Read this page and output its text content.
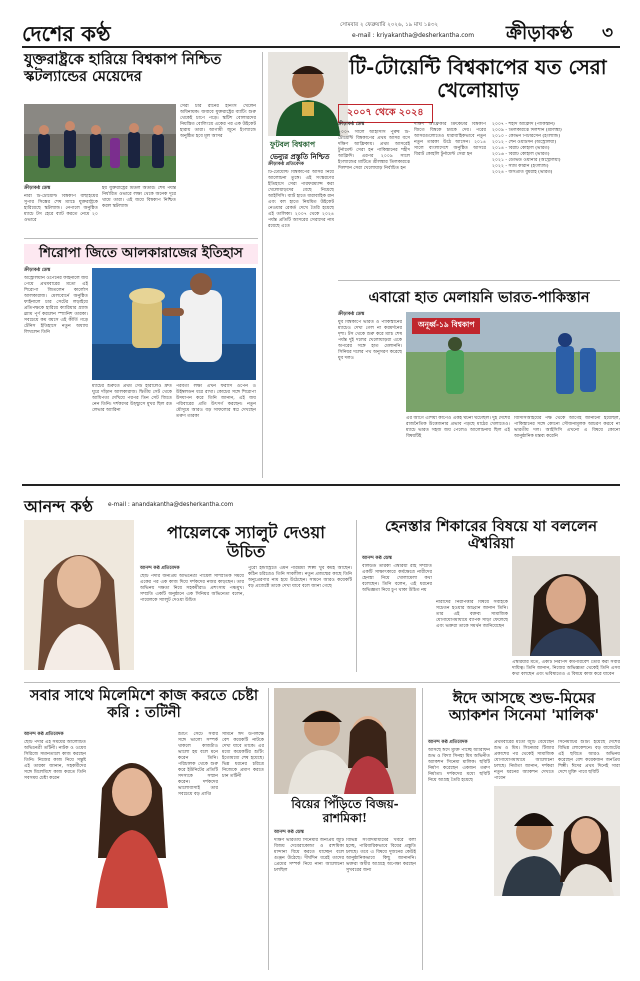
দেশের কণ্ঠ	সোমবার ২ ফেব্রুয়ারি ২০২৬, ১৯ মাঘ ১৪৩২
e-mail : kriyakantha@desherkantha.com ক্রীড়াকণ্ঠ ৩
যুক্তরাষ্ট্রকে হারিয়ে বিশ্বকাপ নিশ্চিত স্কটল্যান্ডের মেয়েদের
সেরা চার রানের ইনিংস খেলেন অধিনায়ক। জবাবে যুক্তরাষ্ট্রের ব্যাটিং শুরু থেকেই চাপে পড়ে। স্কটিশ বোলারদের নিয়ন্ত্রিত বোলিংয়ে একের পর এক উইকেট হারায় তারা। আগামী জুনে ইংল্যান্ডে অনুষ্ঠিত হবে মূল আসর
ক্রীড়াকণ্ঠ ডেস্ক
নারী টি-টোয়েন্টি বিশ্বকাপ বাছাইয়ের সুপার সিক্সের শেষ ম্যাচে যুক্তরাষ্ট্রকে হারিয়েছে স্কটল্যান্ড। নেপালে অনুষ্ঠিত ম্যাচে টস হেরে ব্যাট করতে নেমে ২০ ওভারে
হয় যুক্তরাষ্ট্রের মিডল অর্ডার। শেষ পর্যন্ত নির্ধারিত ওভারে লক্ষ্য থেকে অনেক দূরে থামে তারা। এই জয়ে বিশ্বকাপ নিশ্চিত করল স্কটল্যান্ড
শিরোপা জিতে আলকারাজের ইতিহাস
ক্রীড়াকণ্ঠ ডেস্ক
অস্ট্রেলিয়ান ওপেনের ফাইনালে জয় পেয়ে প্রথমবারের মতো এই শিরোপা জিতলেন কার্লোস আলকারাজ। মেলবোর্নে অনুষ্ঠিত ফাইনালে চার সেটের লড়াইয়ে প্রতিপক্ষকে হারিয়ে ক্যারিয়ার গ্র্যান্ড স্ল্যাম পূর্ণ করলেন স্প্যানিশ তারকা। সবচেয়ে কম বয়সে এই কীর্তি গড়ে টেনিস ইতিহাসে নতুন অধ্যায় লিখলেন তিনি
ম্যাচের শুরুতে প্রথম সেট হারালেও দ্রুত ঘুরে দাঁড়ান আলকারাজ। দ্বিতীয় সেট থেকে আধিপত্য দেখিয়ে পরপর তিন সেট জিতে নেন তিনি। দর্শকদের উচ্ছ্বাসে মুখর ছিল রড লেভার অ্যারিনা
পরবর্তী লক্ষ্য এখন ফরাসি ওপেন ও উইম্বলডন ধরে রাখা। কোচের সঙ্গে শিরোপা উদযাপন করে তিনি জানান, এই জয় পরিবারের প্রতি উৎসর্গ করছেন। নতুন মৌসুমে আরও বড় সাফল্যের স্বপ্ন দেখছেন তরুণ তারকা
ফুটবল বিশ্বকাপ
ভেন্যুর প্রস্তুতি নিশ্চিত
ক্রীড়াকণ্ঠ প্রতিবেদক
টি-টোয়েন্টি বিশ্বকাপের আসর নিয়ে আলোচনা তুঙ্গে। এই সংস্করণের ইতিহাসে সেরা পারফরম্যান্স করা খেলোয়াড়দের বেছে নিয়েছে আইসিসি। ব্যাট হাতে ধারাবাহিক রান এবং বল হাতে নিয়মিত উইকেট নেওয়ার রেকর্ড দেখে তৈরি হয়েছে এই তালিকা। ২০০৭ থেকে ২০২৪ পর্যন্ত প্রতিটি আসরের সেরাদের নাম রয়েছে এতে
টি-টোয়েন্টি বিশ্বকাপের যত সেরা খেলোয়াড়
২০০৭ থেকে ২০২৪
ক্রীড়াকণ্ঠ ডেস্ক
২০০৭ সালে আইসিসি পুরুষ টি-টোয়েন্টি বিশ্বকাপের প্রথম আসর বসে দক্ষিণ আফ্রিকায়। প্রথম আসরেই টুর্নামেন্ট সেরা হন পাকিস্তানের শহীদ আফ্রিদি। এরপর ২০০৯ সালে ইংল্যান্ডের মাটিতে শ্রীলঙ্কার তিলকারত্নে দিলশান সেরা খেলোয়াড় নির্বাচিত হন
দক্ষিণ আফ্রিকার ক্রিকেটার বিশ্বকাপ জিতে বিশ্বকে চমকে দেয়। পরের আসরগুলোতেও ধারাবাহিকভাবে নতুন নতুন তারকা উঠে আসেন। ২০১৪ সালে বাংলাদেশে অনুষ্ঠিত আসরে বিরাট কোহলি টুর্নামেন্ট সেরা হন
২০০৭ - শহীদ আফ্রিদি (পাকিস্তান)
২০০৯ - তিলকারত্নে দিলশান (শ্রীলঙ্কা)
২০১০ - কেভিন পিটারসেন (ইংল্যান্ড)
২০১২ - শেন ওয়াটসন (অস্ট্রেলিয়া)
২০১৪ - বিরাট কোহলি (ভারত)
২০১৬ - বিরাট কোহলি (ভারত)
২০২১ - ডেভিড ওয়ার্নার (অস্ট্রেলিয়া)
২০২২ - স্যাম কারান (ইংল্যান্ড)
২০২৪ - জসপ্রীত বুমরাহ (ভারত)
এবারো হাত মেলায়নি ভারত-পাকিস্তান
ক্রীড়াকণ্ঠ ডেস্ক
যুব বিশ্বকাপে ভারত ও পাকিস্তানের ম্যাচেও দেখা গেল না করমর্দনের দৃশ্য। টস থেকে শুরু করে ম্যাচ শেষ পর্যন্ত দুই দলের খেলোয়াড়রা একে অপরের সঙ্গে হাত মেলাননি। সিনিয়র দলের পথ অনুসরণ করেছে যুব দলও
অনূর্ধ্ব-১৯ বিশ্বকাপ
এর আগে এশিয়া কাপেও একই ঘটনা ঘটেছিল। দুই দেশের রাজনৈতিক উত্তেজনার প্রভাব পড়ছে মাঠের খেলাতেও। ম্যাচে ভারত সহজ জয় পেলেও আলোচনায় ছিল এই বিষয়টিই
বিসিসিআইয়ের পক্ষ থেকে আগেই জানানো হয়েছিল, পাকিস্তানের সঙ্গে কোনো সৌজন্যমূলক আচরণ করবে না ভারতীয় দল। আইসিসি এখনো এ বিষয়ে কোনো আনুষ্ঠানিক মন্তব্য করেনি
আনন্দ কণ্ঠ	e-mail : anandakantha@desherkantha.com
পায়েলকে স্যালুট দেওয়া উচিত
আনন্দ কণ্ঠ প্রতিবেদক
ছোট পর্দার জনপ্রিয় অভিনেত্রী পায়েল সাম্প্রতিক সময়ে একের পর এক কাজ দিয়ে দর্শকদের নজর কাড়ছেন। তার অভিনয় দক্ষতা নিয়ে সহকর্মীরাও প্রশংসায় পঞ্চমুখ। সম্প্রতি একটি অনুষ্ঠানে এক সিনিয়র অভিনেতা বলেন, পায়েলকে স্যালুট দেওয়া উচিত
পুরো ইন্ডাস্ট্রিতে এমন পরিশ্রমী শিল্পী খুব কমই আছেন। কঠিন চরিত্রেও তিনি সাবলীল। নতুন প্রজন্মের কাছে তিনি অনুপ্রেরণার নাম হয়ে উঠেছেন। সামনে আরও কয়েকটি বড় প্রজেক্টে তাকে দেখা যাবে বলে জানা গেছে
হেনস্তার শিকারের বিষয়ে যা বললেন ঐশ্বরিয়া
আনন্দ কণ্ঠ ডেস্ক
বলিউড তারকা ঐশ্বরিয়া রাই সম্প্রতি একটি সাক্ষাৎকারে কর্মক্ষেত্রে নারীদের হেনস্তা নিয়ে খোলামেলা কথা বলেছেন। তিনি বলেন, এই ধরনের অভিজ্ঞতা নিয়ে চুপ থাকা উচিত নয়
নারীদের নিরাপত্তার বিষয়ে সবাইকে সচেতন হওয়ার আহ্বান জানান তিনি। তার এই বক্তব্য সামাজিক যোগাযোগমাধ্যমে ব্যাপক সাড়া ফেলেছে এবং ভক্তরা তাকে সমর্থন জানিয়েছেন
ঐশ্বরিয়ার মতে, একটি নিরাপদ কর্মপরিবেশ তৈরি করা সবার দায়িত্ব। তিনি জানান, নিজের অভিজ্ঞতা থেকেই তিনি এসব কথা বলছেন এবং ভবিষ্যতেও এ বিষয়ে কাজ করে যাবেন
সবার সাথে মিলেমিশে কাজ করতে চেষ্টা করি : তটিনী
আনন্দ কণ্ঠ প্রতিবেদক
ছোট পর্দার এই সময়ের আলোচিত অভিনেত্রী তটিনী। নাটক ও ওয়েব সিরিজে সমানতালে কাজ করছেন তিনি। নিজের কাজ নিয়ে সন্তুষ্ট এই তারকা জানান, সহকর্মীদের সঙ্গে মিলেমিশে কাজ করতে তিনি সবসময় চেষ্টা করেন
শুটিং সেটে সবার সঙ্গে ভালো সম্পর্ক থাকলে কাজটাও ভালো হয় বলে মনে করেন তিনি। পরিচালক থেকে শুরু করে ইউনিটের প্রতিটি সদস্যকে সম্মান করেন। দর্শকদের ভালোবাসাই তার সবচেয়ে বড় প্রাপ্তি
সামনে ঈদ উপলক্ষে বেশ কয়েকটি নাটকে দেখা যাবে তাকে। এর মধ্যে কয়েকটির শুটিং ইতোমধ্যে শেষ হয়েছে। ভিন্ন ধরনের চরিত্রে নিজেকে প্রমাণ করতে চান তটিনী
বিয়ের পিঁড়িতে বিজয়-রাশমিকা!
আনন্দ কণ্ঠ ডেস্ক
দক্ষিণ ভারতীয় সিনেমার জনপ্রিয় জুটি বিজয় দেবেরাকোন্ডা ও রাশমিকা মান্দানা বিয়ে করতে যাচ্ছেন বলে গুঞ্জন উঠেছে। দীর্ঘদিন ধরেই তাদের প্রেমের সম্পর্ক নিয়ে নানা আলোচনা চলছিল
বিভিন্ন সংবাদমাধ্যমের খবরে বলা হচ্ছে, পারিবারিকভাবে বিয়ের প্রস্তুতি চলছে। তবে এ বিষয়ে দুজনের কেউই আনুষ্ঠানিকভাবে কিছু জানাননি। ভক্তরা অধীর আগ্রহে অপেক্ষা করছেন সুখবরের জন্য
ঈদে আসছে শুভ-মিমের অ্যাকশন সিনেমা 'মালিক'
আনন্দ কণ্ঠ প্রতিবেদক
আসছে ঈদে মুক্তি পাচ্ছে আরিফিন শুভ ও বিদ্যা সিনহা মিম অভিনীত অ্যাকশন সিনেমা মালিক। ছবিটি নির্মাণ করেছেন একজন তরুণ নির্মাতা। দর্শকদের মধ্যে ছবিটি নিয়ে আগ্রহ তৈরি হয়েছে
প্রথমবারের মতো জুটি বেঁধেছেন শুভ ও মিম। সিনেমার টিজার প্রকাশের পর থেকেই সামাজিক যোগাযোগমাধ্যমে আলোচনা চলছে। নির্মাতা জানান, দর্শকরা নতুন ধরনের অ্যাকশন দেখতে পাবেন
সিনেমাটির শুটিং হয়েছে দেশের বিভিন্ন লোকেশনে। বড় বাজেটের এই ছবিতে আরও অভিনয় করেছেন বেশ কয়েকজন জনপ্রিয় শিল্পী। ঈদের প্রথম দিনেই সারা দেশে মুক্তি পাবে ছবিটি
